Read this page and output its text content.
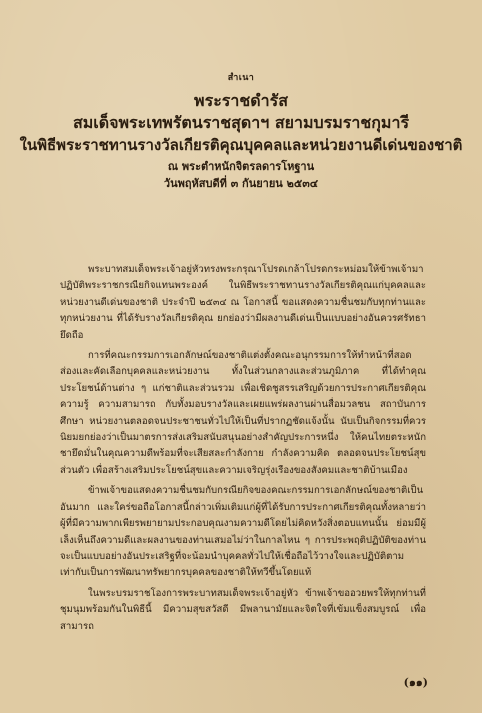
สำเนา

พระราชดำรัส

สมเด็จพระเทพรัตนราชสุดาฯ สยามบรมราชกุมารี

ในพิธีพระราชทานรางวัลเกียรติคุณบุคคลและหน่วยงานดีเด่นของชาติ

ณ พระตำหนักจิตรลดารโหฐาน

วันพฤหัสบดีที่ ๓ กันยายน ๒๕๓๔

พระบาทสมเด็จพระเจ้าอยู่หัวทรงพระกรุณาโปรดเกล้าโปรดกระหม่อมให้ข้าพเจ้ามาปฏิบัติพระราชกรณียกิจแทนพระองค์ ในพิธีพระราชทานรางวัลเกียรติคุณแก่บุคคลและหน่วยงานดีเด่นของชาติ ประจำปี ๒๕๓๔ ณ โอกาสนี้ ขอแสดงความชื่นชมกับทุกท่านและทุกหน่วยงาน ที่ได้รับรางวัลเกียรติคุณ ยกย่องว่ามีผลงานดีเด่นเป็นแบบอย่างอันควรศรัทธายึดถือ

การที่คณะกรรมการเอกลักษณ์ของชาติแต่งตั้งคณะอนุกรรมการให้ทำหน้าที่สอดส่องและคัดเลือกบุคคลและหน่วยงาน ทั้งในส่วนกลางและส่วนภูมิภาค ที่ได้ทำคุณประโยชน์ด้านต่าง ๆ แก่ชาติและส่วนรวม เพื่อเชิดชูสรรเสริญด้วยการประกาศเกียรติคุณ ความรู้ ความสามารถ กับทั้งมอบรางวัลและเผยแพร่ผลงานผ่านสื่อมวลชน สถาบันการศึกษา หน่วยงานตลอดจนประชาชนทั่วไปให้เป็นที่ปรากฏชัดแจ้งนั้น นับเป็นกิจกรรมที่ควรนิยมยกย่องว่าเป็นมาตรการส่งเสริมสนับสนุนอย่างสำคัญประการหนึ่ง ให้คนไทยตระหนักชายึดมั่นในคุณความดีพร้อมที่จะเสียสละกำลังกาย กำลังความคิด ตลอดจนประโยชน์สุขส่วนตัว เพื่อสร้างเสริมประโยชน์สุขและความเจริญรุ่งเรืองของสังคมและชาติบ้านเมือง

ข้าพเจ้าขอแสดงความชื่นชมกับกรณียกิจของคณะกรรมการเอกลักษณ์ของชาติเป็นอันมาก และใคร่ขอถือโอกาสนี้กล่าวเพิ่มเติมแก่ผู้ที่ได้รับการประกาศเกียรติคุณทั้งหลายว่า ผู้ที่มีความพากเพียรพยายามประกอบคุณงามความดีโดยไม่คิดหวังสิ่งตอบแทนนั้น ย่อมมีผู้เล็งเห็นถึงความดีและผลงานของท่านเสมอไม่ว่าในกาลไหน ๆ การประพฤติปฏิบัติของท่านจะเป็นแบบอย่างอันประเสริฐที่จะน้อมนำบุคคลทั่วไปให้เชื่อถือไว้วางใจและปฏิบัติตามเท่ากับเป็นการพัฒนาทรัพยากรบุคคลของชาติให้ทวีขึ้นโดยแท้

ในพระบรมราชโองการพระบาทสมเด็จพระเจ้าอยู่หัว ข้าพเจ้าขออวยพรให้ทุกท่านที่ชุมนุมพร้อมกันในพิธีนี้ มีความสุขสวัสดี มีพลานามัยและจิตใจที่เข้มแข็งสมบูรณ์ เพื่อสามารถ

(๑๑)
